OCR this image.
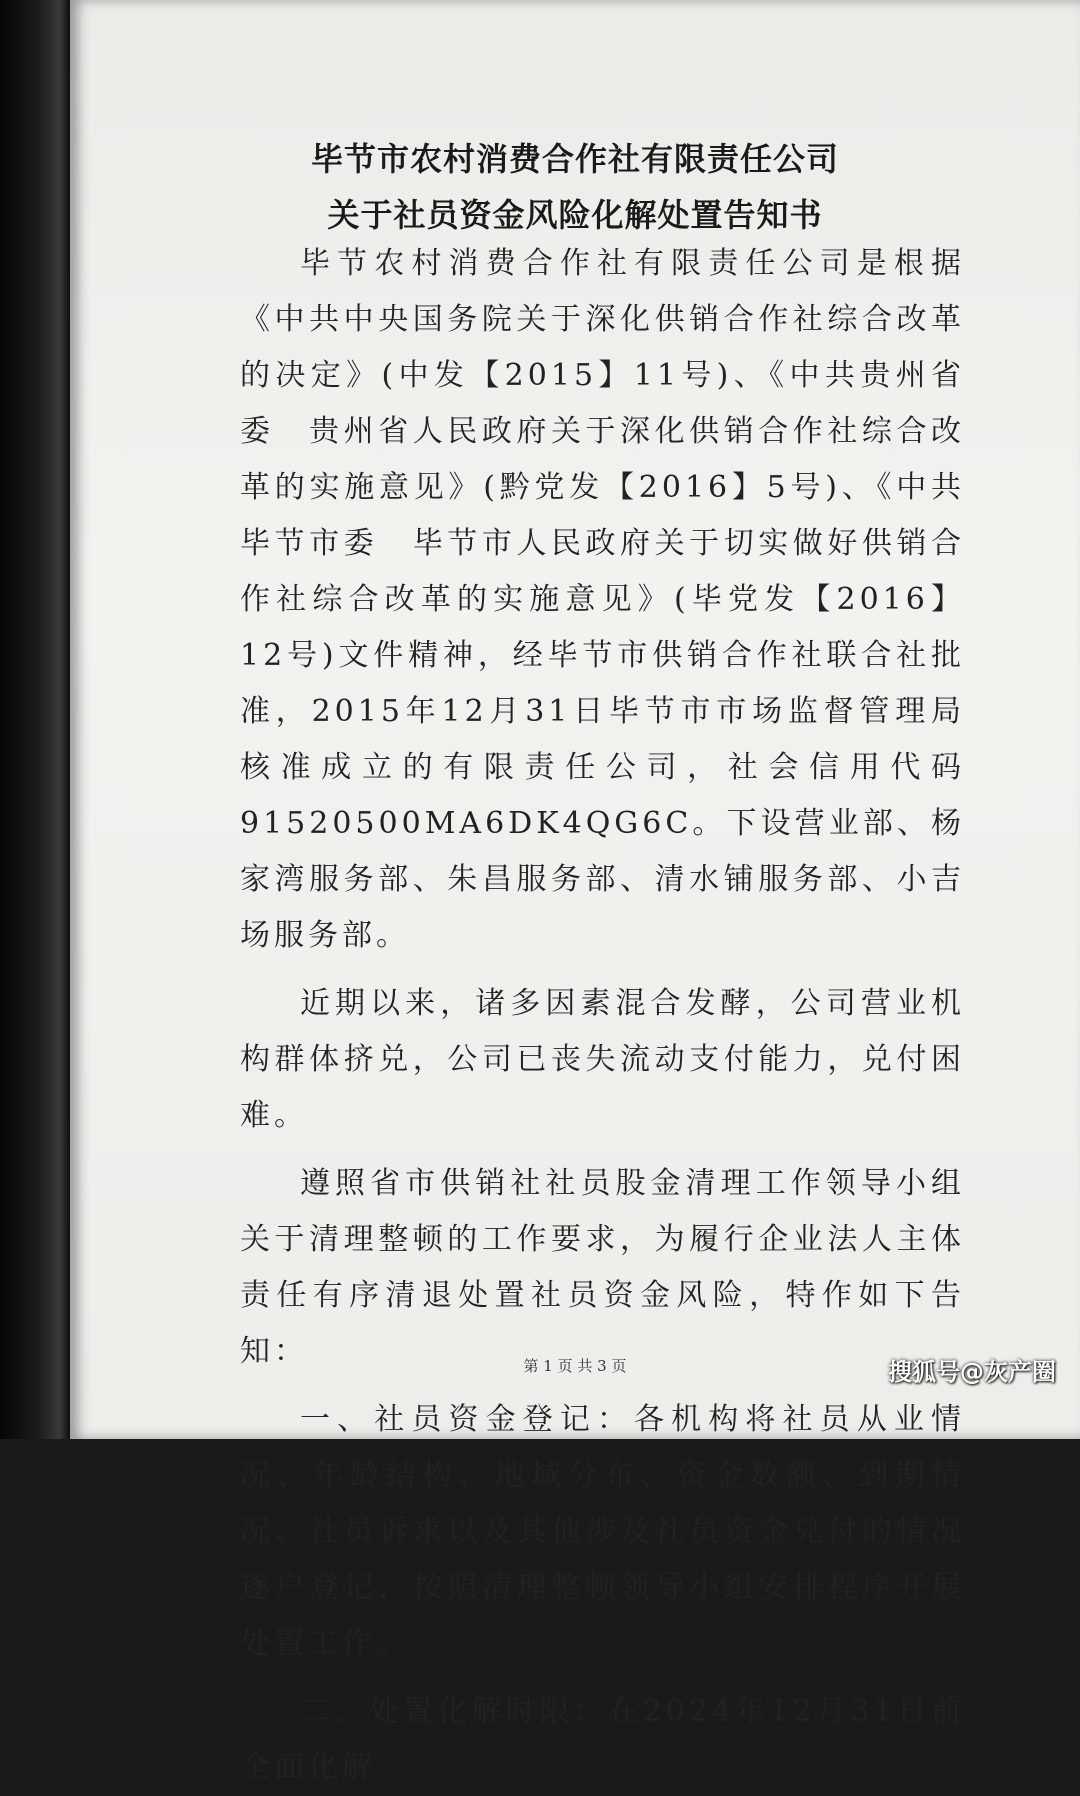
毕节市农村消费合作社有限责任公司
关于社员资金风险化解处置告知书

毕节农村消费合作社有限责任公司是根据《中共中央国务院关于深化供销合作社综合改革的决定》(中发【2015】11号)、《中共贵州省委　贵州省人民政府关于深化供销合作社综合改革的实施意见》(黔党发【2016】5号)、《中共毕节市委　毕节市人民政府关于切实做好供销合作社综合改革的实施意见》(毕党发【2016】12号)文件精神，经毕节市供销合作社联合社批准，2015年12月31日毕节市市场监督管理局核准成立的有限责任公司，社会信用代码91520500MA6DK4QG6C。下设营业部、杨家湾服务部、朱昌服务部、清水铺服务部、小吉场服务部。

近期以来，诸多因素混合发酵，公司营业机构群体挤兑，公司已丧失流动支付能力，兑付困难。

遵照省市供销社社员股金清理工作领导小组关于清理整顿的工作要求，为履行企业法人主体责任有序清退处置社员资金风险，特作如下告知：

一、社员资金登记：各机构将社员从业情况、年龄结构、地域分布、资金数额、到期情况、社员诉求以及其他涉及社员资金兑付的情况逐户登记，按照清理整顿领导小组安排程序开展处置工作。

二、处置化解时限：在2024年12月31日前全面化解

第 1 页 共 3 页	搜狐号@灰产圈
